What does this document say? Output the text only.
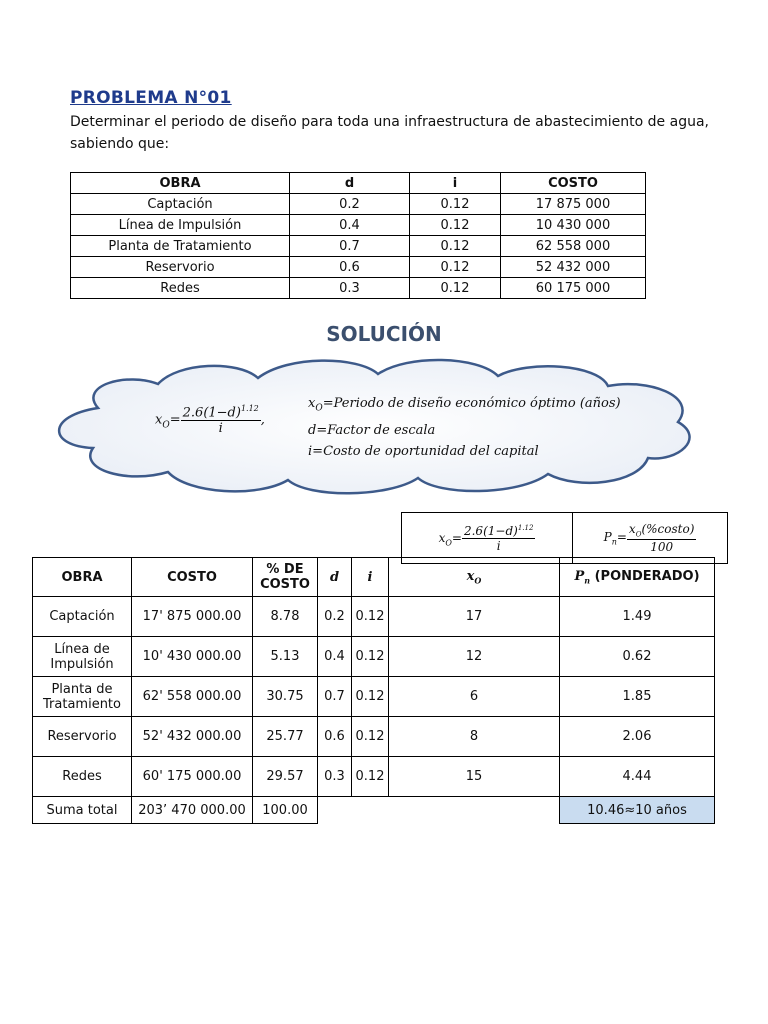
PROBLEMA N°01
Determinar el periodo de diseño para toda una infraestructura de abastecimiento de agua, sabiendo que:
OBRA	d	i	COSTO
Captación	0.2	0.12	17 875 000
Línea de Impulsión	0.4	0.12	10 430 000
Planta de Tratamiento	0.7	0.12	62 558 000
Reservorio	0.6	0.12	52 432 000
Redes	0.3	0.12	60 175 000
SOLUCIÓN
$x_O= \frac{2.6(1-d)^{1.12}}{i}$ ,
$x_O=Periodo$ de diseño económico óptimo (años)
d=Factor de escala
i=Costo de oportunidad del capital
$x_O= \frac{2.6(1-d)^{1.12}}{i}$	$P_n= \frac{x_O(\%costo)}{100}$
OBRA	COSTO	% DE COSTO	d	i	$x_O$	$P_n$ (PONDERADO)
Captación	17' 875 000.00	8.78	0.2	0.12	17	1.49
Línea de Impulsión	10' 430 000.00	5.13	0.4	0.12	12	0.62
Planta de Tratamiento	62' 558 000.00	30.75	0.7	0.12	6	1.85
Reservorio	52' 432 000.00	25.77	0.6	0.12	8	2.06
Redes	60' 175 000.00	29.57	0.3	0.12	15	4.44
Suma total	203’ 470 000.00	100.00				10.46≈10 años
